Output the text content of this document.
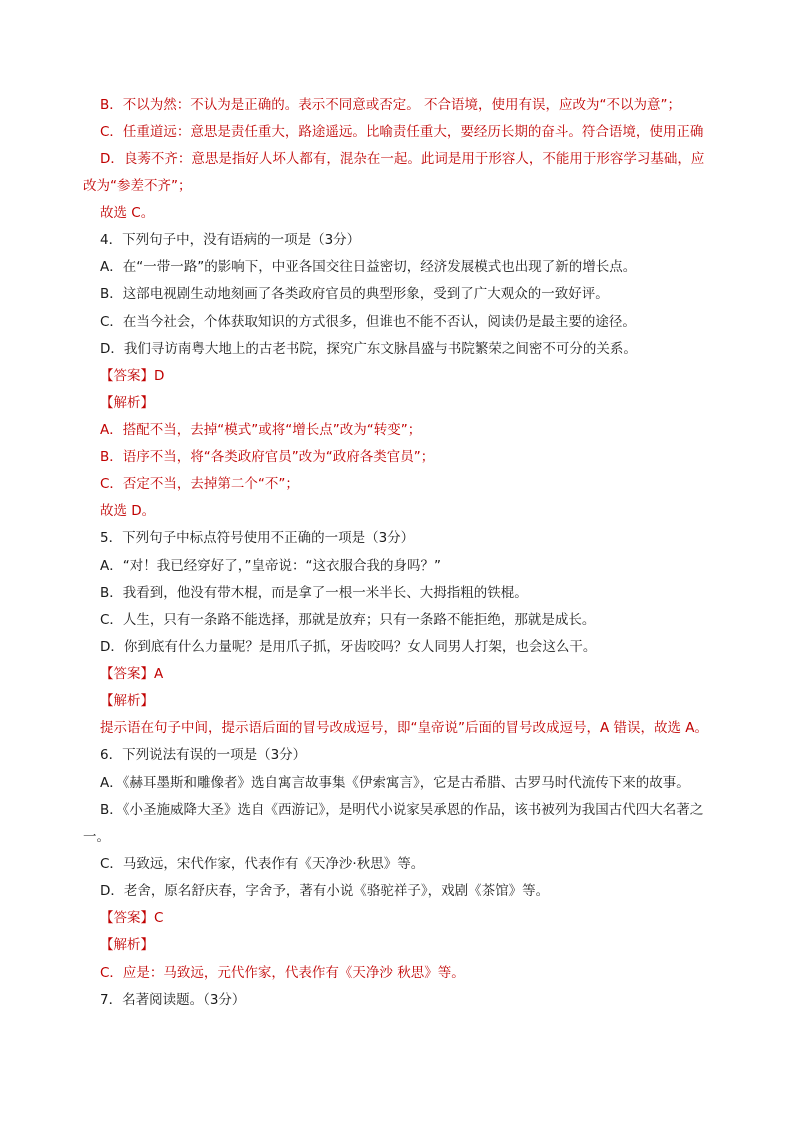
B．不以为然：不认为是正确的。表示不同意或否定。 不合语境，使用有误，应改为“不以为意”；
C．任重道远：意思是责任重大，路途遥远。比喻责任重大，要经历长期的奋斗。符合语境，使用正确
D．良莠不齐：意思是指好人坏人都有，混杂在一起。此词是用于形容人，不能用于形容学习基础，应
改为“参差不齐”；
故选 C。
4．下列句子中，没有语病的一项是（3分）
A．在“一带一路”的影响下，中亚各国交往日益密切，经济发展模式也出现了新的增长点。
B．这部电视剧生动地刻画了各类政府官员的典型形象，受到了广大观众的一致好评。
C．在当今社会，个体获取知识的方式很多，但谁也不能不否认，阅读仍是最主要的途径。
D．我们寻访南粤大地上的古老书院，探究广东文脉昌盛与书院繁荣之间密不可分的关系。
【答案】D
【解析】
A．搭配不当，去掉“模式”或将“增长点”改为“转变”；
B．语序不当，将“各类政府官员”改为“政府各类官员”；
C．否定不当，去掉第二个“不”；
故选 D。
5．下列句子中标点符号使用不正确的一项是（3分）
A．“对！我已经穿好了，”皇帝说：“这衣服合我的身吗？”
B．我看到，他没有带木棍，而是拿了一根一米半长、大拇指粗的铁棍。
C．人生，只有一条路不能选择，那就是放弃；只有一条路不能拒绝，那就是成长。
D．你到底有什么力量呢？是用爪子抓，牙齿咬吗？女人同男人打架，也会这么干。
【答案】A
【解析】
提示语在句子中间，提示语后面的冒号改成逗号，即“皇帝说”后面的冒号改成逗号，A 错误，故选 A。
6．下列说法有误的一项是（3分）
A．《赫耳墨斯和雕像者》选自寓言故事集《伊索寓言》，它是古希腊、古罗马时代流传下来的故事。
B．《小圣施威降大圣》选自《西游记》，是明代小说家吴承恩的作品，该书被列为我国古代四大名著之
一。
C．马致远，宋代作家，代表作有《天净沙·秋思》等。
D．老舍，原名舒庆春，字舍予，著有小说《骆驼祥子》，戏剧《茶馆》等。
【答案】C
【解析】
C．应是：马致远，元代作家，代表作有《天净沙 秋思》等。
7．名著阅读题。（3分）
